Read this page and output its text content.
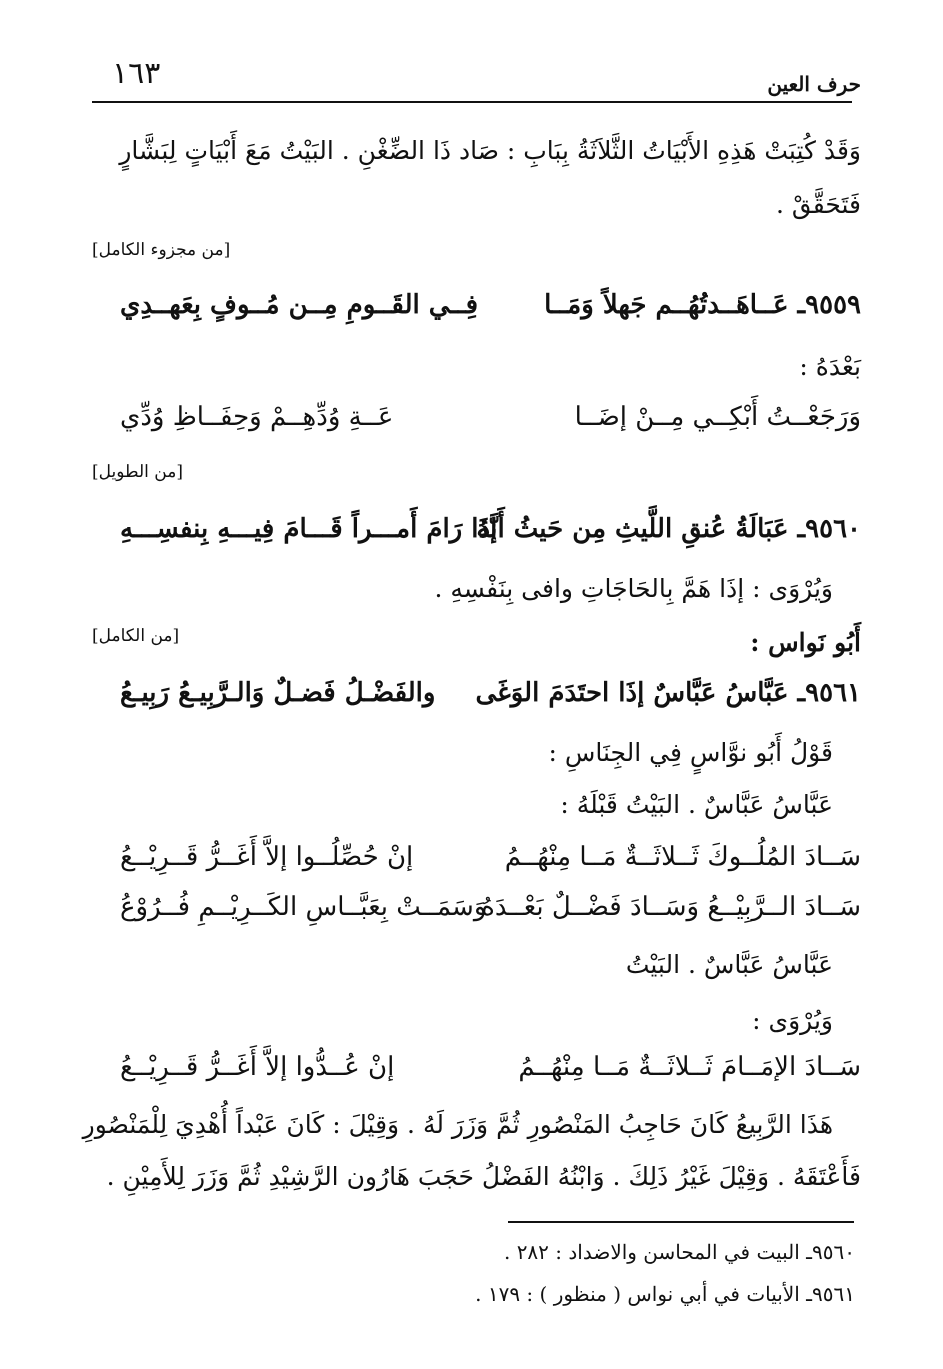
١٦٣	حرف العين
وَقَدْ كُتِبَتْ هَذِهِ الأَبْيَاتُ الثَّلاَثَةُ بِبَابِ : صَاد ذَا الضِّغْنِ . البَيْتُ مَعَ أَبْيَاتٍ لِبَشَّارٍ
فَتَحَقَّقْ .
[من مجزوء الكامل]
٩٥٥٩ـ عَــاهَــدتُهُــم جَهلاً وَمَــا
فِــي القَــومِ مِــن مُــوفٍ بِعَهــدِي
بَعْدَهُ :
وَرَجَعْــتُ أَبْكِــي مِــنْ إضَــا
عَــةِ وُدِّهِــمْ وَحِفَــاظِ وُدِّي
[من الطويل]
٩٥٦٠ـ عَبَالَةُ عُنقِ اللَّيثِ مِن حَيثُ أَنَّهُ
إذَا رَامَ أَمـــراً قَـــامَ فِيـــهِ بِنفسِـــهِ
وَيُرْوَى : إذَا هَمَّ بِالحَاجَاتِ وافى بِنَفْسِهِ .
أَبُو نَواس :
[من الكامل]
٩٥٦١ـ عَبَّاسُ عَبَّاسٌ إذَا احتَدَمَ الوَغَى
والفَضْـلُ فَضـلٌ وَالـرَّبِيـعُ رَبِيـعُ
قَوْلُ أَبُو نوَّاسٍ فِي الجِنَاسِ :
عَبَّاسُ عَبَّاسٌ . البَيْتُ قَبْلَهُ :
سَــادَ المُلُــوكَ ثَــلاثَــةٌ مَــا مِنْهُــمُ
إنْ حُصِّلُــوا إلاَّ أَغَــرُّ قَــرِيْــعُ
سَــادَ الــرَّبِيْــعُ وَسَــادَ فَضْــلٌ بَعْــدَهُ
وَسَمَــتْ بِعَبَّــاسِ الكَــرِيْــمِ فُــرُوْعُ
عَبَّاسُ عَبَّاسٌ . البَيْتُ
وَيُرْوَى :
سَــادَ الإمَــامَ ثَــلاثَــةٌ مَــا مِنْهُــمُ
إنْ عُــدُّوا إلاَّ أَغَــرُّ قَــرِيْــعُ
هَذَا الرَّبِيعُ كَانَ حَاجِبُ المَنْصُورِ ثُمَّ وَزَرَ لَهُ . وَقِيْلَ : كَانَ عَبْداً أُهْدِيَ لِلْمَنْصُورِ
فَأَعْتَقَهُ . وَقِيْلَ غَيْرُ ذَلِكَ . وَابْنُهُ الفَضْلُ حَجَبَ هَارُون الرَّشِيْدِ ثُمَّ وَزَرَ لِلأَمِيْنِ .
٩٥٦٠ـ البيت في المحاسن والاضداد : ٢٨٢ .
٩٥٦١ـ الأبيات في أبي نواس ( منظور ) : ١٧٩ .
